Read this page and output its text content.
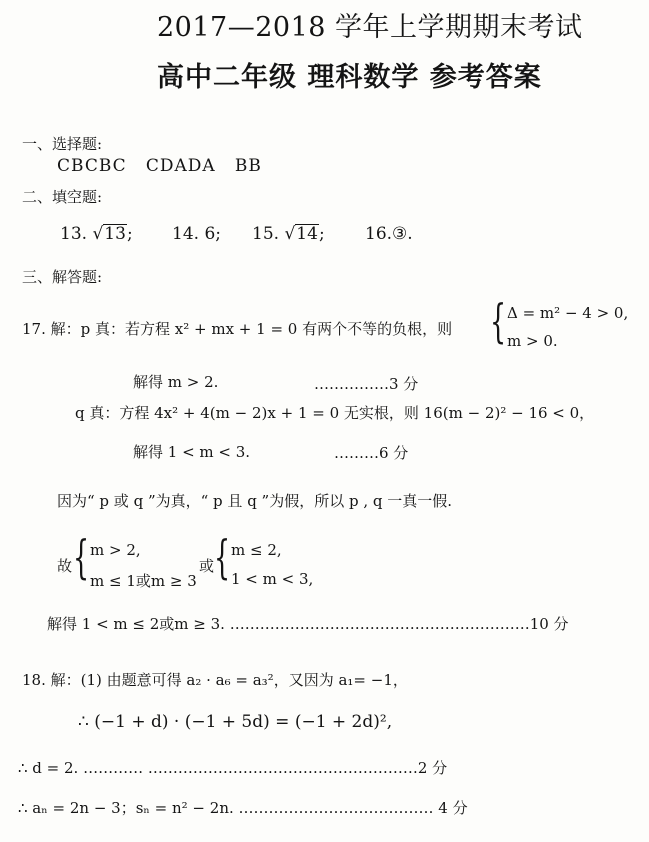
2017—2018 学年上学期期末考试
高中二年级 理科数学 参考答案
一、选择题:
CBCBC   CDADA   BB
二、填空题:
13. √13; 14. 6; 15. √14; 16.③.
三、解答题:
17. 解：p 真：若方程 x² + mx + 1 = 0 有两个不等的负根，则 { Δ = m² − 4 > 0,
m > 0.
解得 m > 2.	……………3 分
q 真：方程 4x² + 4(m − 2)x + 1 = 0 无实根，则 16(m − 2)² − 16 < 0，
解得 1 < m < 3.	………6 分
因为“ p 或 q ”为真，“ p 且 q ”为假，所以 p , q 一真一假.
故 { m > 2,
m ≤ 1或m ≥ 3
或 { m ≤ 2,
1 < m < 3,
解得 1 < m ≤ 2或m ≥ 3. ……………………………………………………10 分
18. 解：(1) 由题意可得 a₂ · a₆ = a₃²，又因为 a₁= −1，
∴ (−1 + d) · (−1 + 5d) = (−1 + 2d)²,
∴ d = 2. ………… ………………………………………………2 分
∴ aₙ = 2n − 3；sₙ = n² − 2n. ………………………………… 4 分
